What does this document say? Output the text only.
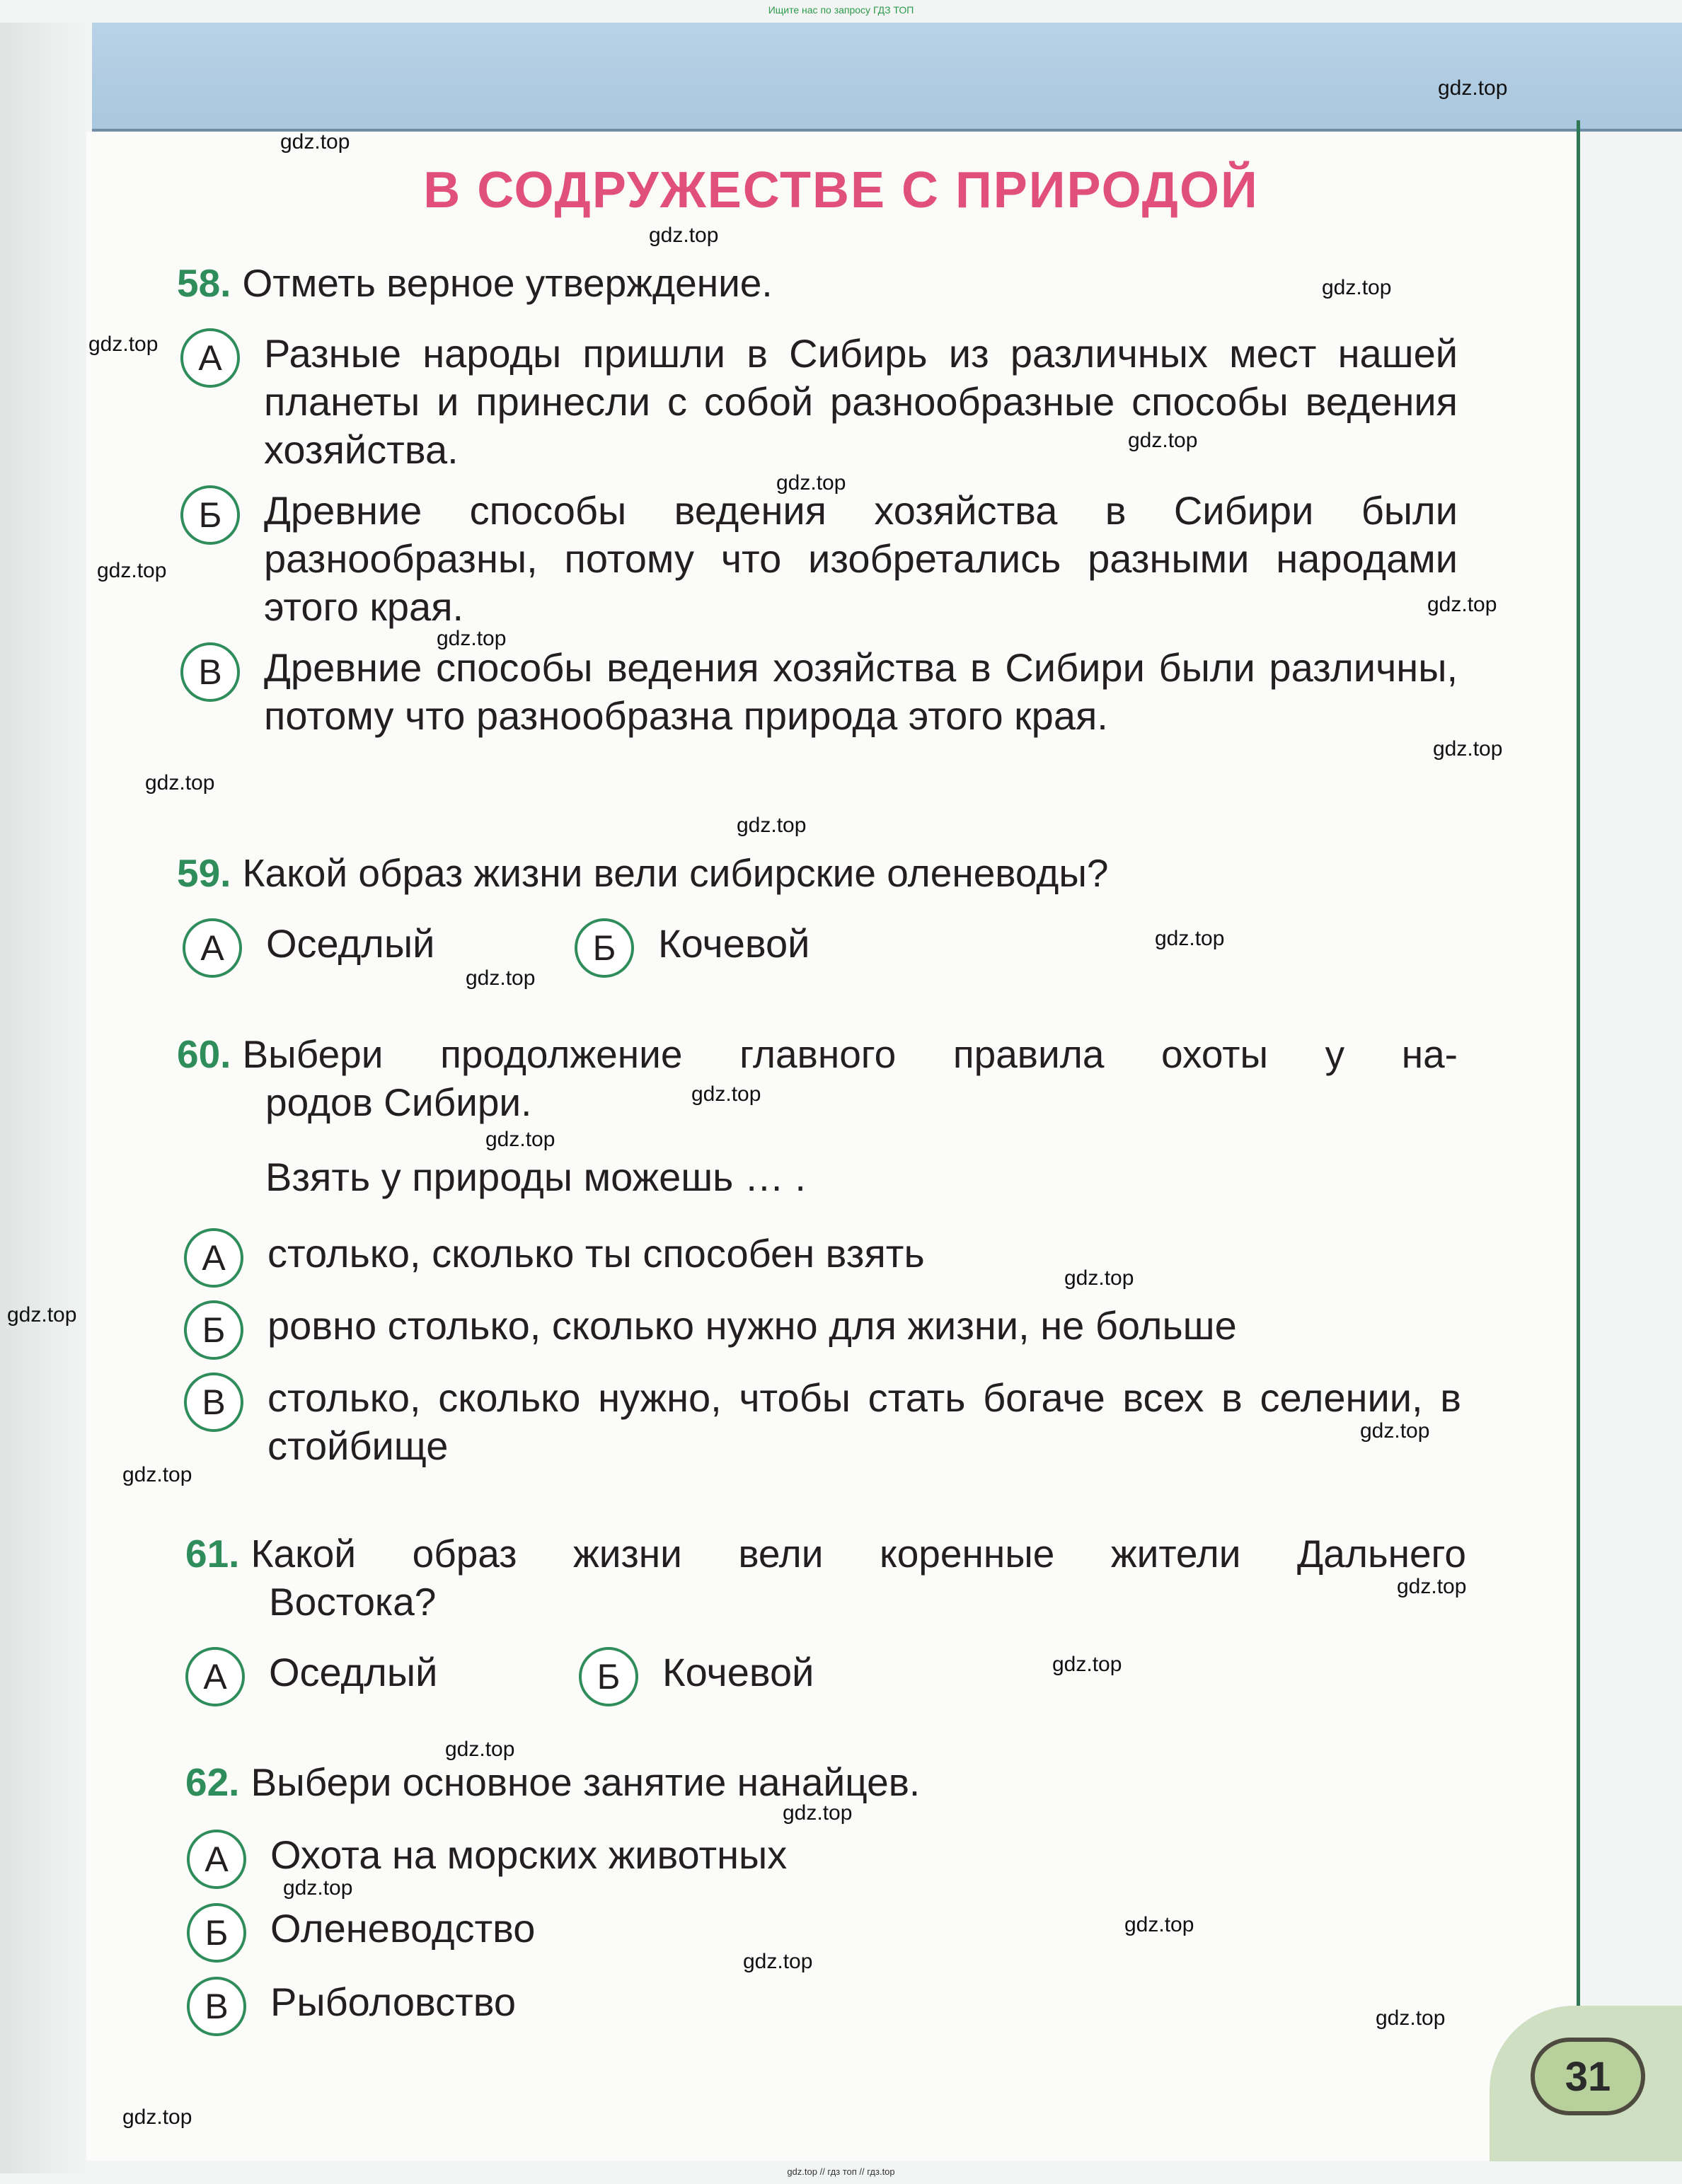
Ищите нас по запросу ГДЗ ТОП
31
В СОДРУЖЕСТВЕ С ПРИРОДОЙ

58. Отметь верное утверждение.

А	Разные народы пришли в Сибирь из различных мест нашей планеты и принесли с собой разнообразные способы ведения хозяйства.
Б	Древние способы ведения хозяйства в Сибири были разнообразны, потому что изобретались разными народами этого края.
В	Древние способы ведения хозяйства в Сибири были различны, потому что разнообразна природа этого края.

59. Какой образ жизни вели сибирские оленеводы?

А	Оседлый	Б	Кочевой

60. Выбери продолжение главного правила охоты у на-

родов Сибири.

Взять у природы можешь … .
А	столько, сколько ты способен взять
Б	ровно столько, сколько нужно для жизни, не больше
В	столько, сколько нужно, чтобы стать богаче всех в селении, в стойбище

61. Какой образ жизни вели коренные жители Дальнего

Востока?

А	Оседлый	Б	Кочевой

62. Выбери основное занятие нанайцев.

А	Охота на морских животных
Б	Оленеводство
В	Рыболовство
gdz.top
gdz.top
gdz.top
gdz.top
gdz.top
gdz.top
gdz.top
gdz.top
gdz.top
gdz.top
gdz.top
gdz.top
gdz.top
gdz.top
gdz.top
gdz.top
gdz.top
gdz.top
gdz.top
gdz.top
gdz.top
gdz.top
gdz.top
gdz.top
gdz.top
gdz.top
gdz.top
gdz.top
gdz.top
gdz.top
gdz.top // гдз топ // гдз.top
